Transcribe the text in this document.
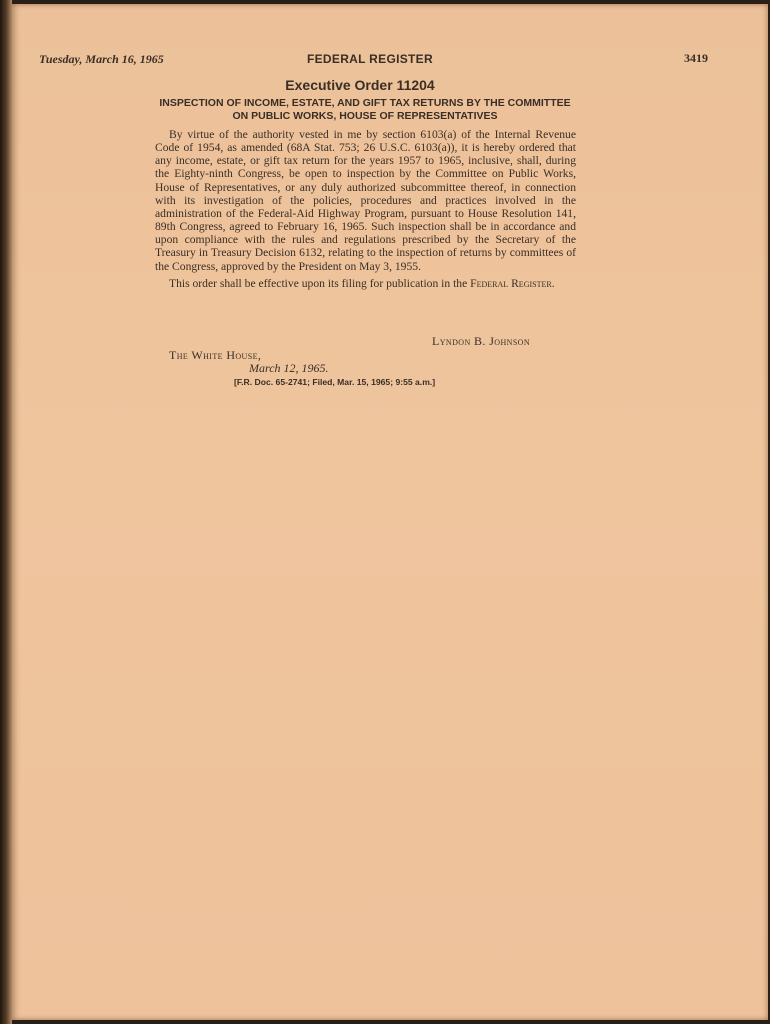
Tuesday, March 16, 1965	FEDERAL REGISTER	3419
Executive Order 11204
INSPECTION OF INCOME, ESTATE, AND GIFT TAX RETURNS BY THE COMMITTEE ON PUBLIC WORKS, HOUSE OF REPRESENTATIVES

By virtue of the authority vested in me by section 6103(a) of the Internal Revenue Code of 1954, as amended (68A Stat. 753; 26 U.S.C. 6103(a)), it is hereby ordered that any income, estate, or gift tax return for the years 1957 to 1965, inclusive, shall, during the Eighty-ninth Congress, be open to inspection by the Committee on Public Works, House of Representatives, or any duly authorized subcommittee thereof, in connection with its investigation of the policies, procedures and practices involved in the administration of the Federal-Aid Highway Program, pursuant to House Resolution 141, 89th Congress, agreed to February 16, 1965. Such inspection shall be in accordance and upon compliance with the rules and regulations prescribed by the Secretary of the Treasury in Treasury Decision 6132, relating to the inspection of returns by committees of the Congress, approved by the President on May 3, 1955.

This order shall be effective upon its filing for publication in the Federal Register.

Lyndon B. Johnson
The White House,
March 12, 1965.
[F.R. Doc. 65-2741; Filed, Mar. 15, 1965; 9:55 a.m.]
